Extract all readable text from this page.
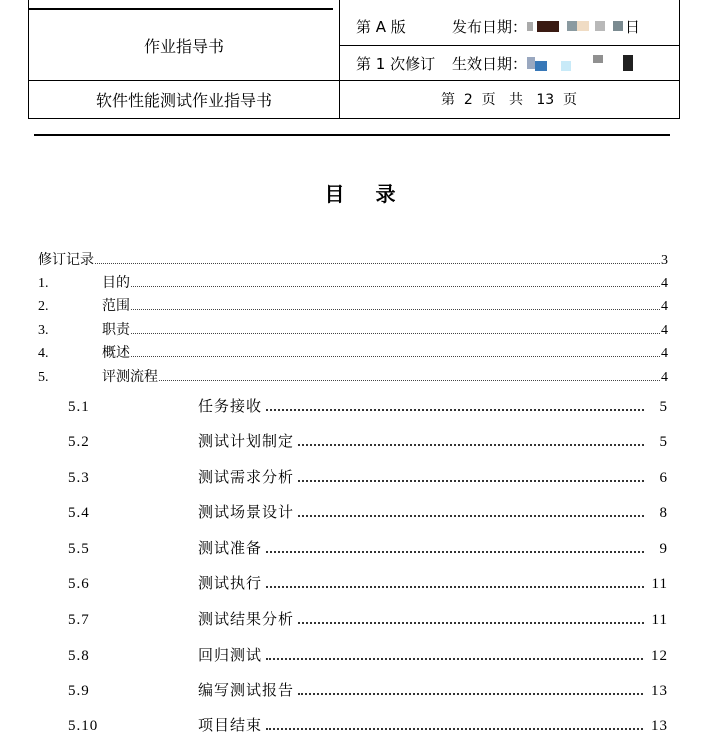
作业指导书
软件性能测试作业指导书
第 A 版	发布日期：	日
第 1 次修订	生效日期：
第  2  页   共   13  页
目 录
修订记录	3
1.	目的	4
2.	范围	4
3.	职责	4
4.	概述	4
5.	评测流程	4
5.1	任务接收	5
5.2	测试计划制定	5
5.3	测试需求分析	6
5.4	测试场景设计	8
5.5	测试准备	9
5.6	测试执行	11
5.7	测试结果分析	11
5.8	回归测试	12
5.9	编写测试报告	13
5.10	项目结束	13
